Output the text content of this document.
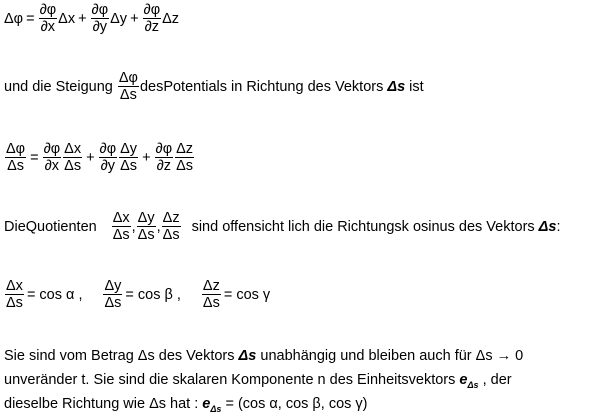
$\Delta\varphi = \frac{\partial\varphi}{\partial x}$ $\Delta x + \frac{\partial\varphi}{\partial y}$ $\Delta y + \frac{\partial\varphi}{\partial z}$ Δz
und die Steigung $\frac{\Delta\varphi}{\Delta s}$ desPotentials in Richtung des Vektors Δs ist
$\frac{\Delta\varphi}{\Delta s} = \frac{\partial\varphi}{\partial x} \frac{\Delta x}{\Delta s} + \frac{\partial\varphi}{\partial y} \frac{\Delta y}{\Delta s} + \frac{\partial\varphi}{\partial z} \frac{\Delta z}{\Delta s}$
DieQuotienten $\frac{\Delta x}{\Delta s}$ , $\frac{\Delta y}{\Delta s}$ , $\frac{\Delta z}{\Delta s}$ sind offensicht lich die Richtungsk osinus des Vektors Δs :
$\frac{\Delta x}{\Delta s} = \cos \alpha$ , $\frac{\Delta y}{\Delta s} = \cos \beta$ , $\frac{\Delta z}{\Delta s} = \cos \gamma$
Sie sind vom Betrag Δs des Vektors Δs unabhängig und bleiben auch für Δs → 0
unveränder t. Sie sind die skalaren Komponente n des Einheitsvektors $e_{\Delta s}$ , der
dieselbe Richtung wie Δs hat : $e_{\Delta s} = (\cos$ α, cos β, cos γ)
